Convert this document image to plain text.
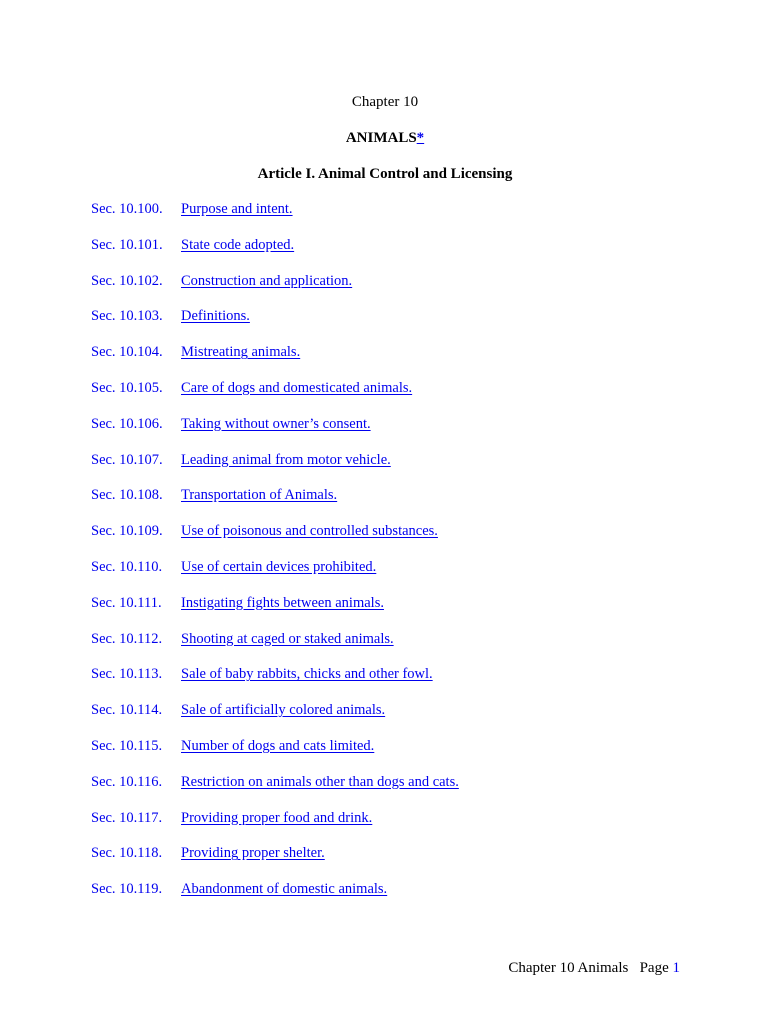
Chapter 10
ANIMALS*
Article I. Animal Control and Licensing
Sec. 10.100. Purpose and intent.
Sec. 10.101. State code adopted.
Sec. 10.102. Construction and application.
Sec. 10.103. Definitions.
Sec. 10.104. Mistreating animals.
Sec. 10.105. Care of dogs and domesticated animals.
Sec. 10.106. Taking without owner’s consent.
Sec. 10.107. Leading animal from motor vehicle.
Sec. 10.108. Transportation of Animals.
Sec. 10.109. Use of poisonous and controlled substances.
Sec. 10.110. Use of certain devices prohibited.
Sec. 10.111. Instigating fights between animals.
Sec. 10.112. Shooting at caged or staked animals.
Sec. 10.113. Sale of baby rabbits, chicks and other fowl.
Sec. 10.114. Sale of artificially colored animals.
Sec. 10.115. Number of dogs and cats limited.
Sec. 10.116. Restriction on animals other than dogs and cats.
Sec. 10.117. Providing proper food and drink.
Sec. 10.118. Providing proper shelter.
Sec. 10.119. Abandonment of domestic animals.
Chapter 10 Animals   Page 1
